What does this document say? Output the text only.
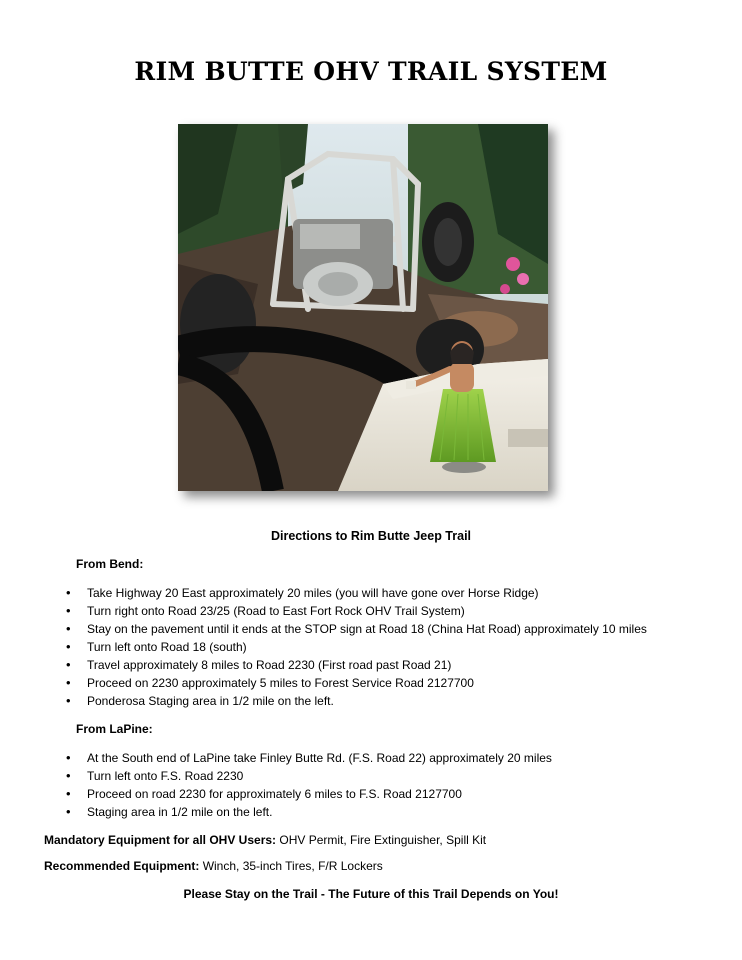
RIM BUTTE OHV TRAIL SYSTEM
Directions to Rim Butte Jeep Trail
From Bend:
• Take Highway 20 East approximately 20 miles (you will have gone over Horse Ridge)
• Turn right onto Road 23/25 (Road to East Fort Rock OHV Trail System)
• Stay on the pavement until it ends at the STOP sign at Road 18 (China Hat Road) approximately 10 miles
• Turn left onto Road 18 (south)
• Travel approximately 8 miles to Road 2230 (First road past Road 21)
• Proceed on 2230 approximately 5 miles to Forest Service Road 2127700
• Ponderosa Staging area in 1/2 mile on the left.
From LaPine:
• At the South end of LaPine take Finley Butte Rd. (F.S. Road 22) approximately 20 miles
• Turn left onto F.S. Road 2230
• Proceed on road 2230 for approximately 6 miles to F.S. Road 2127700
• Staging area in 1/2 mile on the left.
Mandatory Equipment for all OHV Users: OHV Permit, Fire Extinguisher, Spill Kit
Recommended Equipment: Winch, 35-inch Tires, F/R Lockers
Please Stay on the Trail - The Future of this Trail Depends on You!
